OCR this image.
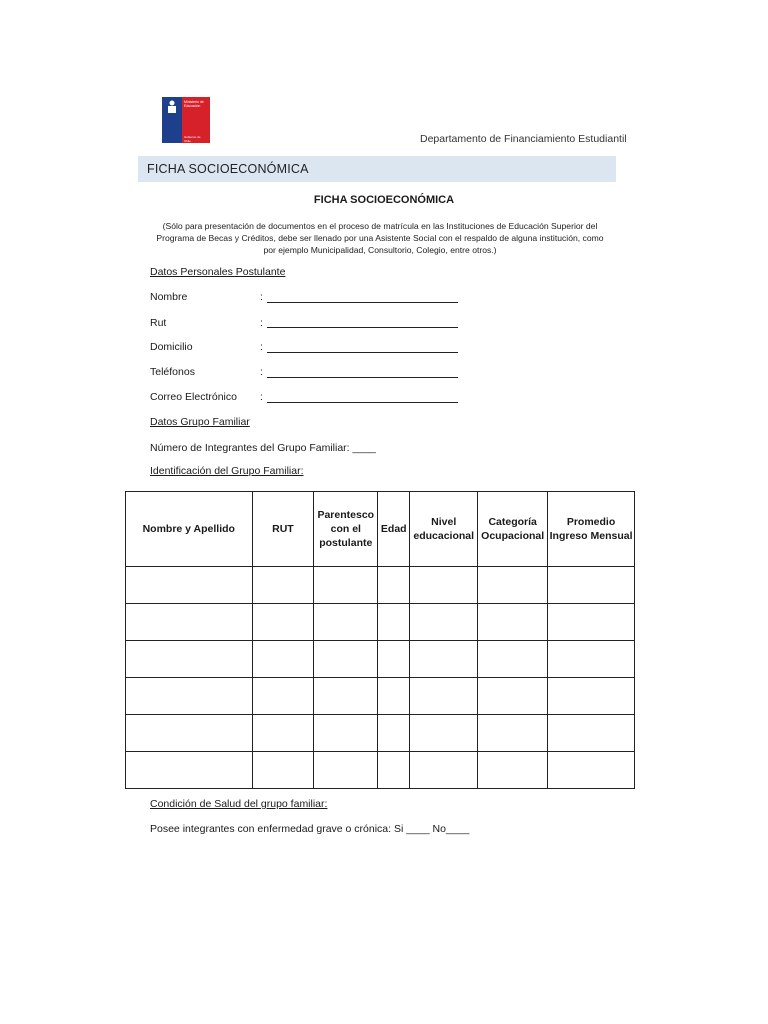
Ministerio de Educación
Gobierno de Chile	Departamento de Financiamiento Estudiantil
FICHA SOCIOECONÓMICA
FICHA SOCIOECONÓMICA
(Sólo para presentación de documentos en el proceso de matrícula en las Instituciones de Educación Superior del Programa de Becas y Créditos, debe ser llenado por una Asistente Social con el respaldo de alguna institución, como por ejemplo Municipalidad, Consultorio, Colegio, entre otros.)
Datos Personales Postulante
Nombre	:
Rut	:
Domicilio	:
Teléfonos	:
Correo Electrónico :
Datos Grupo Familiar
Número de Integrantes del Grupo Familiar: ____
Identificación del Grupo Familiar:
Nombre y Apellido	RUT	Parentesco con el postulante	Edad	Nivel educacional	Categoría Ocupacional	Promedio Ingreso Mensual

Condición de Salud del grupo familiar:
Posee integrantes con enfermedad grave o crónica: Si ____ No____
